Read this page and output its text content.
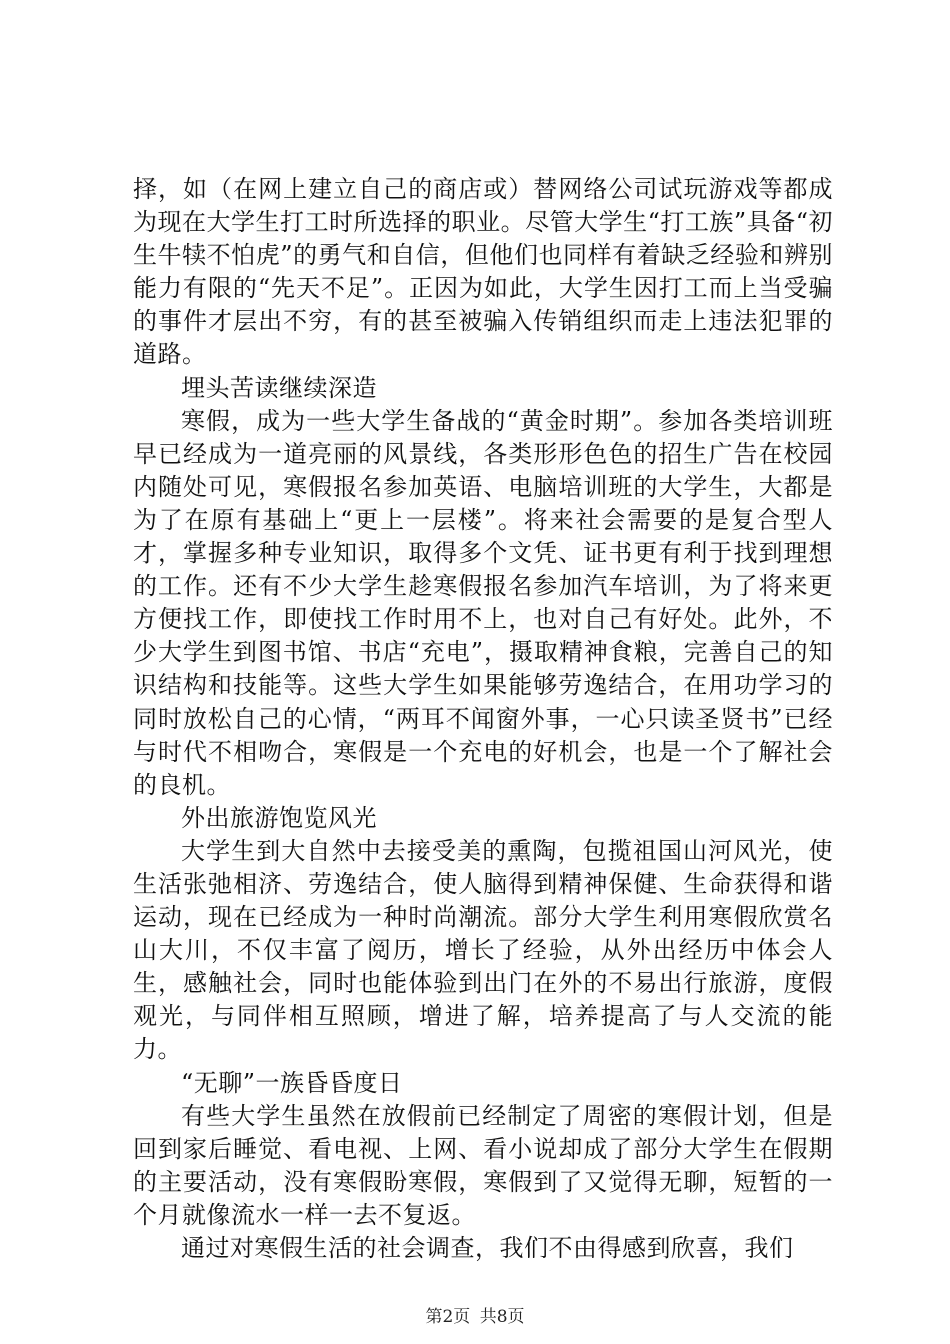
择，如（在网上建立自己的商店或）替网络公司试玩游戏等都成为现在大学生打工时所选择的职业。尽管大学生“打工族”具备“初生牛犊不怕虎”的勇气和自信，但他们也同样有着缺乏经验和辨别能力有限的“先天不足”。正因为如此，大学生因打工而上当受骗的事件才层出不穷，有的甚至被骗入传销组织而走上违法犯罪的道路。

埋头苦读继续深造

寒假，成为一些大学生备战的“黄金时期”。参加各类培训班早已经成为一道亮丽的风景线，各类形形色色的招生广告在校园内随处可见，寒假报名参加英语、电脑培训班的大学生，大都是为了在原有基础上“更上一层楼”。将来社会需要的是复合型人才，掌握多种专业知识，取得多个文凭、证书更有利于找到理想的工作。还有不少大学生趁寒假报名参加汽车培训，为了将来更方便找工作，即使找工作时用不上，也对自己有好处。此外，不少大学生到图书馆、书店“充电”，摄取精神食粮，完善自己的知识结构和技能等。这些大学生如果能够劳逸结合，在用功学习的同时放松自己的心情，“两耳不闻窗外事，一心只读圣贤书”已经与时代不相吻合，寒假是一个充电的好机会，也是一个了解社会的良机。

外出旅游饱览风光

大学生到大自然中去接受美的熏陶，包揽祖国山河风光，使生活张弛相济、劳逸结合，使人脑得到精神保健、生命获得和谐运动，现在已经成为一种时尚潮流。部分大学生利用寒假欣赏名山大川，不仅丰富了阅历，增长了经验，从外出经历中体会人生，感触社会，同时也能体验到出门在外的不易出行旅游，度假观光，与同伴相互照顾，增进了解，培养提高了与人交流的能力。

“无聊”一族昏昏度日

有些大学生虽然在放假前已经制定了周密的寒假计划，但是回到家后睡觉、看电视、上网、看小说却成了部分大学生在假期的主要活动，没有寒假盼寒假，寒假到了又觉得无聊，短暂的一个月就像流水一样一去不复返。

通过对寒假生活的社会调查，我们不由得感到欣喜，我们

第2页 共8页
